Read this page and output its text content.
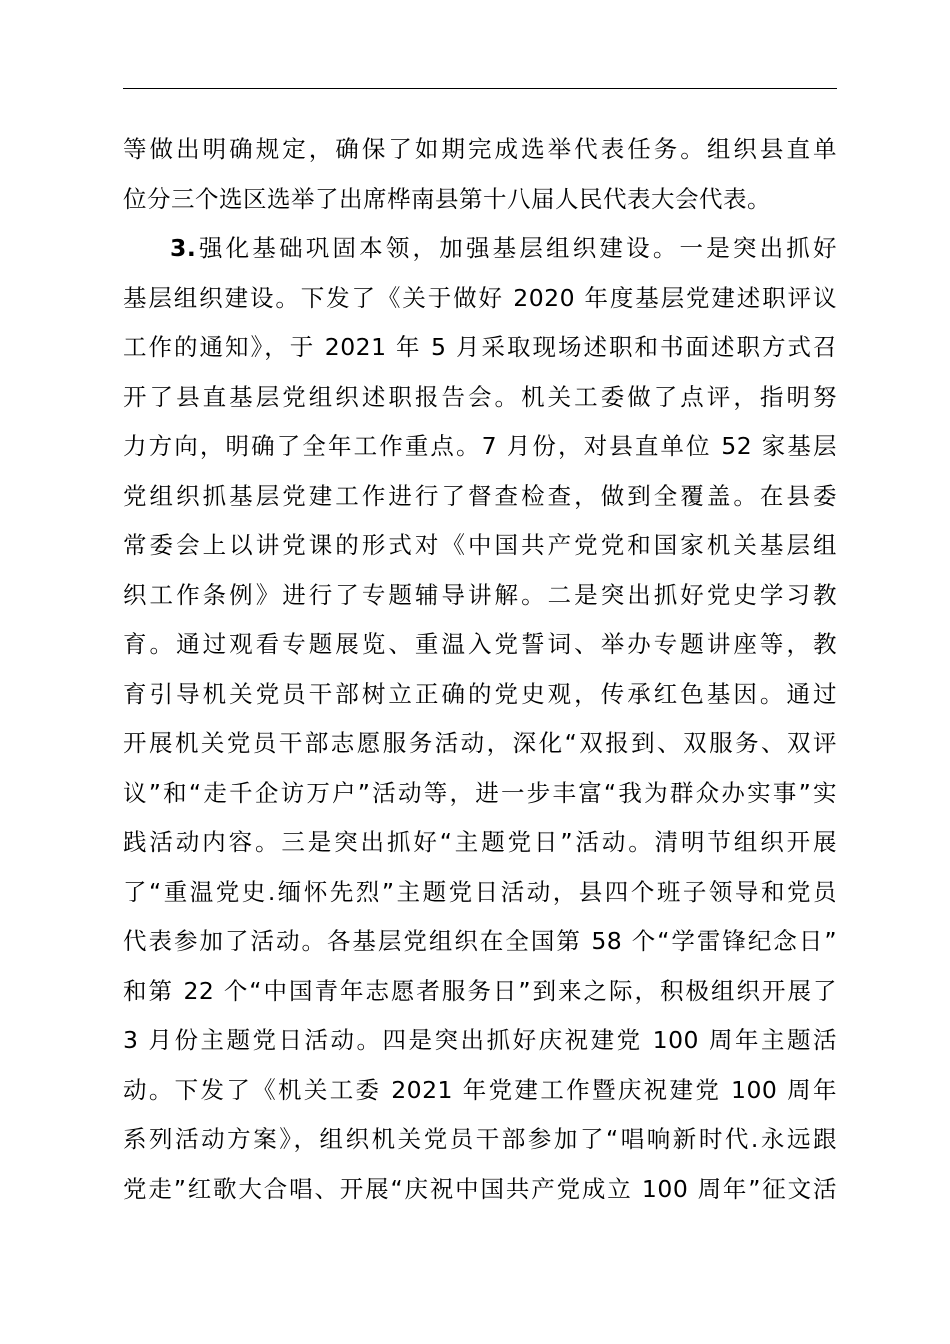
等做出明确规定，确保了如期完成选举代表任务。组织县直单
位分三个选区选举了出席桦南县第十八届人民代表大会代表。
3.强化基础巩固本领，加强基层组织建设。一是突出抓好
基层组织建设。下发了《关于做好 2020 年度基层党建述职评议
工作的通知》，于 2021 年 5 月采取现场述职和书面述职方式召
开了县直基层党组织述职报告会。机关工委做了点评，指明努
力方向，明确了全年工作重点。7 月份，对县直单位 52 家基层
党组织抓基层党建工作进行了督查检查，做到全覆盖。在县委
常委会上以讲党课的形式对《中国共产党党和国家机关基层组
织工作条例》进行了专题辅导讲解。二是突出抓好党史学习教
育。通过观看专题展览、重温入党誓词、举办专题讲座等，教
育引导机关党员干部树立正确的党史观，传承红色基因。通过
开展机关党员干部志愿服务活动，深化“双报到、双服务、双评
议”和“走千企访万户”活动等，进一步丰富“我为群众办实事”实
践活动内容。三是突出抓好“主题党日”活动。清明节组织开展
了“重温党史.缅怀先烈”主题党日活动，县四个班子领导和党员
代表参加了活动。各基层党组织在全国第 58 个“学雷锋纪念日”
和第 22 个“中国青年志愿者服务日”到来之际，积极组织开展了
3 月份主题党日活动。四是突出抓好庆祝建党 100 周年主题活
动。下发了《机关工委 2021 年党建工作暨庆祝建党 100 周年
系列活动方案》，组织机关党员干部参加了“唱响新时代.永远跟
党走”红歌大合唱、开展“庆祝中国共产党成立 100 周年”征文活
